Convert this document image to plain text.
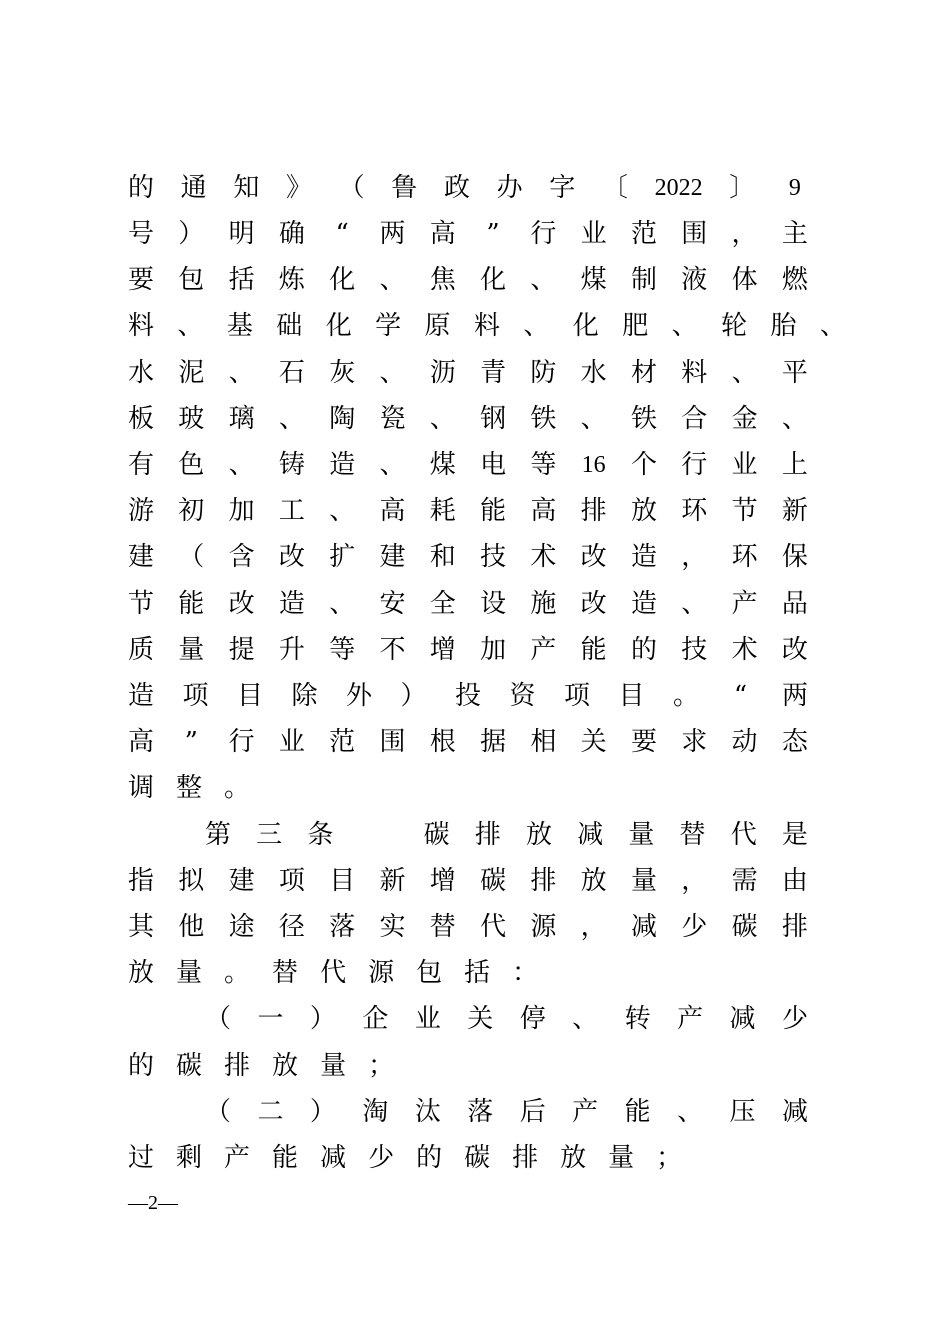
的 通 知 》 （ 鲁 政 办 字 〔 2022 〕 9
号 ） 明 确 “ 两 高 ” 行 业 范 围 ， 主
要 包 括 炼 化 、 焦 化 、 煤 制 液 体 燃
料 、 基 础 化 学 原 料 、 化 肥 、 轮 胎 、
水 泥 、 石 灰 、 沥 青 防 水 材 料 、 平
板 玻 璃 、 陶 瓷 、 钢 铁 、 铁 合 金 、
有 色 、 铸 造 、 煤 电 等 16 个 行 业 上
游 初 加 工 、 高 耗 能 高 排 放 环 节 新
建 （ 含 改 扩 建 和 技 术 改 造 ， 环 保
节 能 改 造 、 安 全 设 施 改 造 、 产 品
质 量 提 升 等 不 增 加 产 能 的 技 术 改
造 项 目 除 外 ） 投 资 项 目 。 “ 两
高 ” 行 业 范 围 根 据 相 关 要 求 动 态
调 整 。
第 三 条	碳 排 放 减 量 替 代 是
指 拟 建 项 目 新 增 碳 排 放 量 ， 需 由
其 他 途 径 落 实 替 代 源 ， 减 少 碳 排
放 量 。 替 代 源 包 括 ：
（ 一 ） 企 业 关 停 、 转 产 减 少
的 碳 排 放 量 ；
（ 二 ） 淘 汰 落 后 产 能 、 压 减
过 剩 产 能 减 少 的 碳 排 放 量 ；
—2—
